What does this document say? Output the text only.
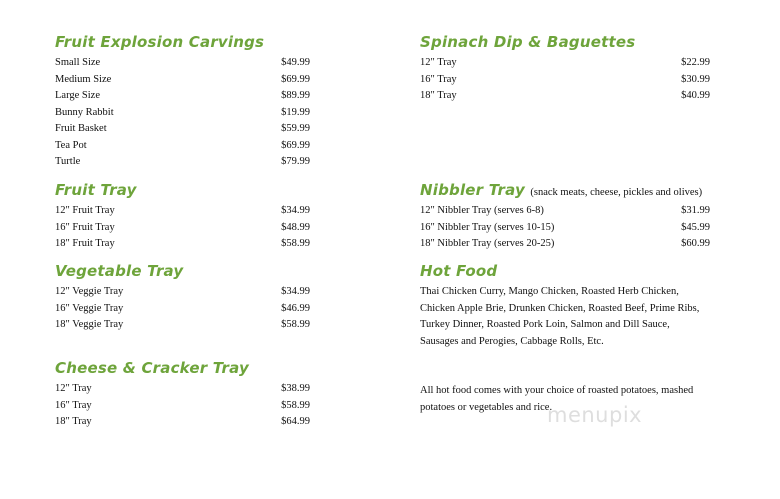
Fruit Explosion Carvings
Small Size	$49.99
Medium Size	$69.99
Large Size	$89.99
Bunny Rabbit	$19.99
Fruit Basket	$59.99
Tea Pot	$69.99
Turtle	$79.99
Fruit Tray
12" Fruit Tray	$34.99
16" Fruit Tray	$48.99
18" Fruit Tray	$58.99
Vegetable Tray
12" Veggie Tray	$34.99
16" Veggie Tray	$46.99
18" Veggie Tray	$58.99
Cheese & Cracker Tray
12" Tray	$38.99
16" Tray	$58.99
18" Tray	$64.99
Spinach Dip & Baguettes
12" Tray	$22.99
16" Tray	$30.99
18" Tray	$40.99
Nibbler Tray (snack meats, cheese, pickles and olives)
12" Nibbler Tray (serves 6-8)	$31.99
16" Nibbler Tray (serves 10-15)	$45.99
18" Nibbler Tray (serves 20-25)	$60.99
Hot Food
Thai Chicken Curry, Mango Chicken, Roasted Herb Chicken, Chicken Apple Brie, Drunken Chicken, Roasted Beef, Prime Ribs, Turkey Dinner, Roasted Pork Loin, Salmon and Dill Sauce, Sausages and Perogies, Cabbage Rolls, Etc.
All hot food comes with your choice of roasted potatoes, mashed potatoes or vegetables and rice.
menupix
